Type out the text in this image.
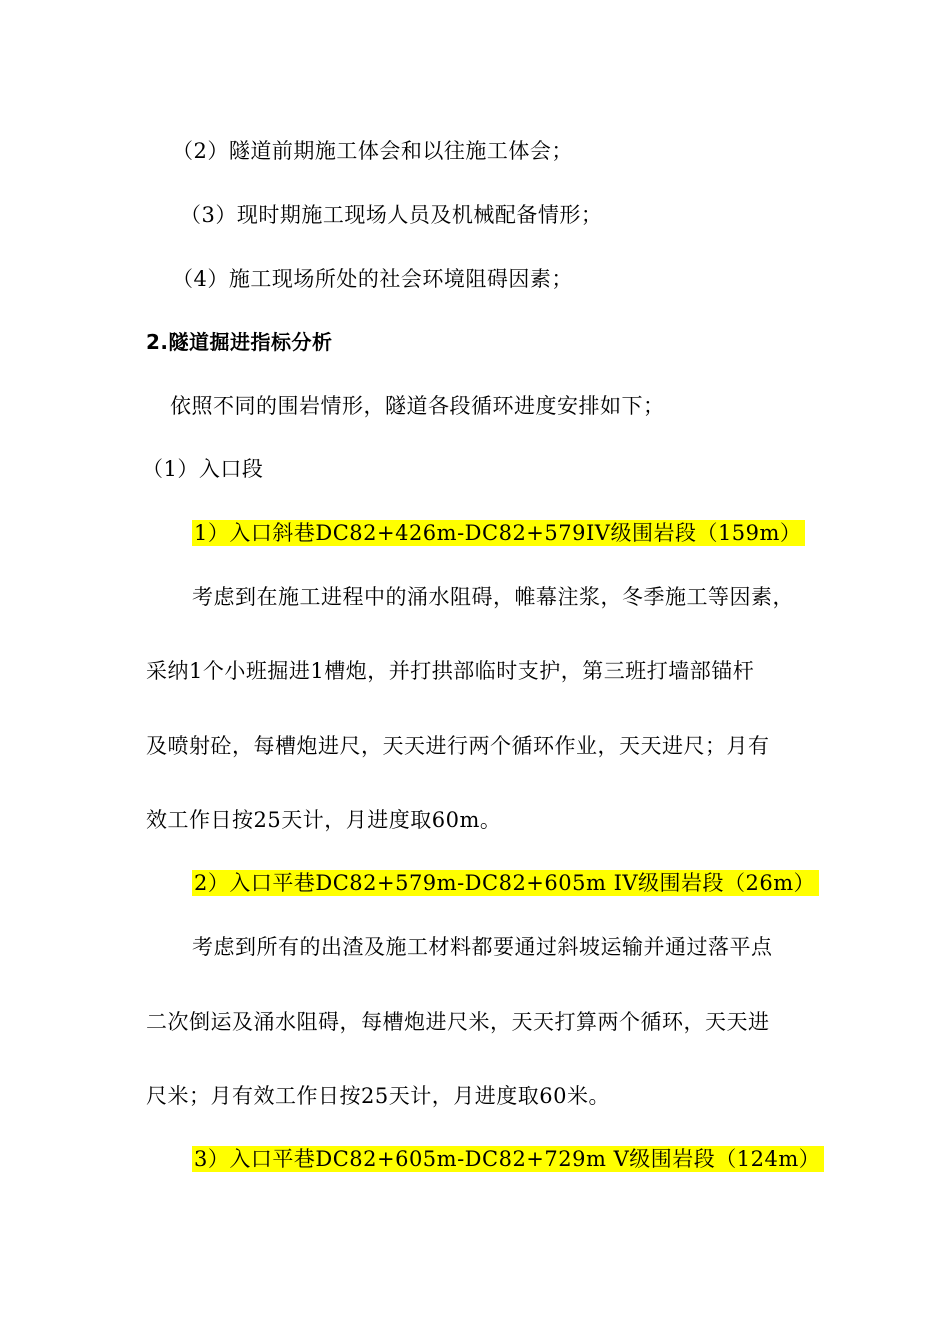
（2）隧道前期施工体会和以往施工体会；
（3）现时期施工现场人员及机械配备情形；
（4）施工现场所处的社会环境阻碍因素；
2.隧道掘进指标分析
依照不同的围岩情形，隧道各段循环进度安排如下；
（1）入口段
1）入口斜巷DC82+426m-DC82+579IV级围岩段（159m）
考虑到在施工进程中的涌水阻碍，帷幕注浆，冬季施工等因素，
采纳1个小班掘进1槽炮，并打拱部临时支护，第三班打墙部锚杆
及喷射砼，每槽炮进尺，天天进行两个循环作业，天天进尺；月有
效工作日按25天计，月进度取60m。
2）入口平巷DC82+579m-DC82+605m IV级围岩段（26m）
考虑到所有的出渣及施工材料都要通过斜坡运输并通过落平点
二次倒运及涌水阻碍，每槽炮进尺米，天天打算两个循环，天天进
尺米；月有效工作日按25天计，月进度取60米。
3）入口平巷DC82+605m-DC82+729m V级围岩段（124m）
